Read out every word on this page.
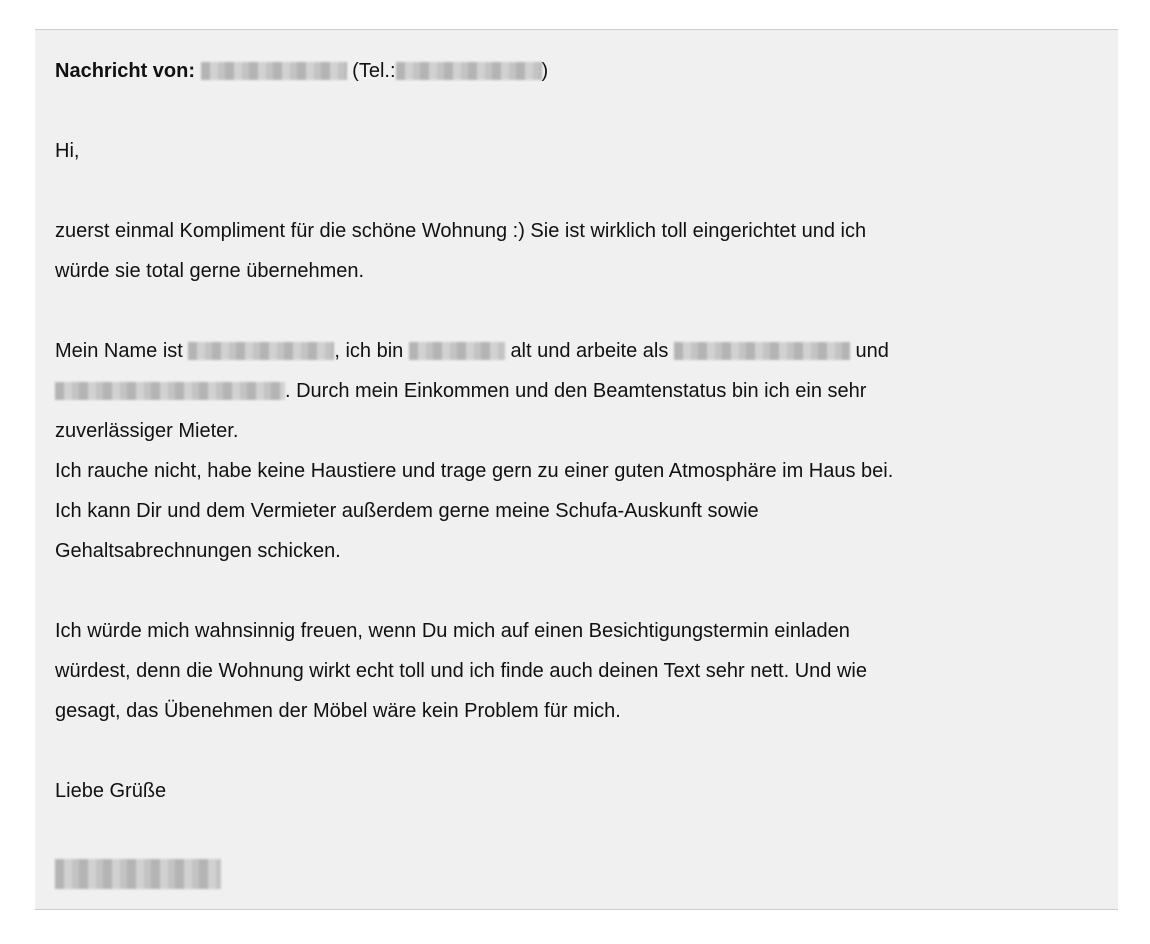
Nachricht von:	(Tel.:	)
Hi,
zuerst einmal Kompliment für die schöne Wohnung :) Sie ist wirklich toll eingerichtet und ich
würde sie total gerne übernehmen.
Mein Name ist	, ich bin	alt und arbeite als	und
. Durch mein Einkommen und den Beamtenstatus bin ich ein sehr
zuverlässiger Mieter.
Ich rauche nicht, habe keine Haustiere und trage gern zu einer guten Atmosphäre im Haus bei.
Ich kann Dir und dem Vermieter außerdem gerne meine Schufa-Auskunft sowie
Gehaltsabrechnungen schicken.
Ich würde mich wahnsinnig freuen, wenn Du mich auf einen Besichtigungstermin einladen
würdest, denn die Wohnung wirkt echt toll und ich finde auch deinen Text sehr nett. Und wie
gesagt, das Übenehmen der Möbel wäre kein Problem für mich.
Liebe Grüße
